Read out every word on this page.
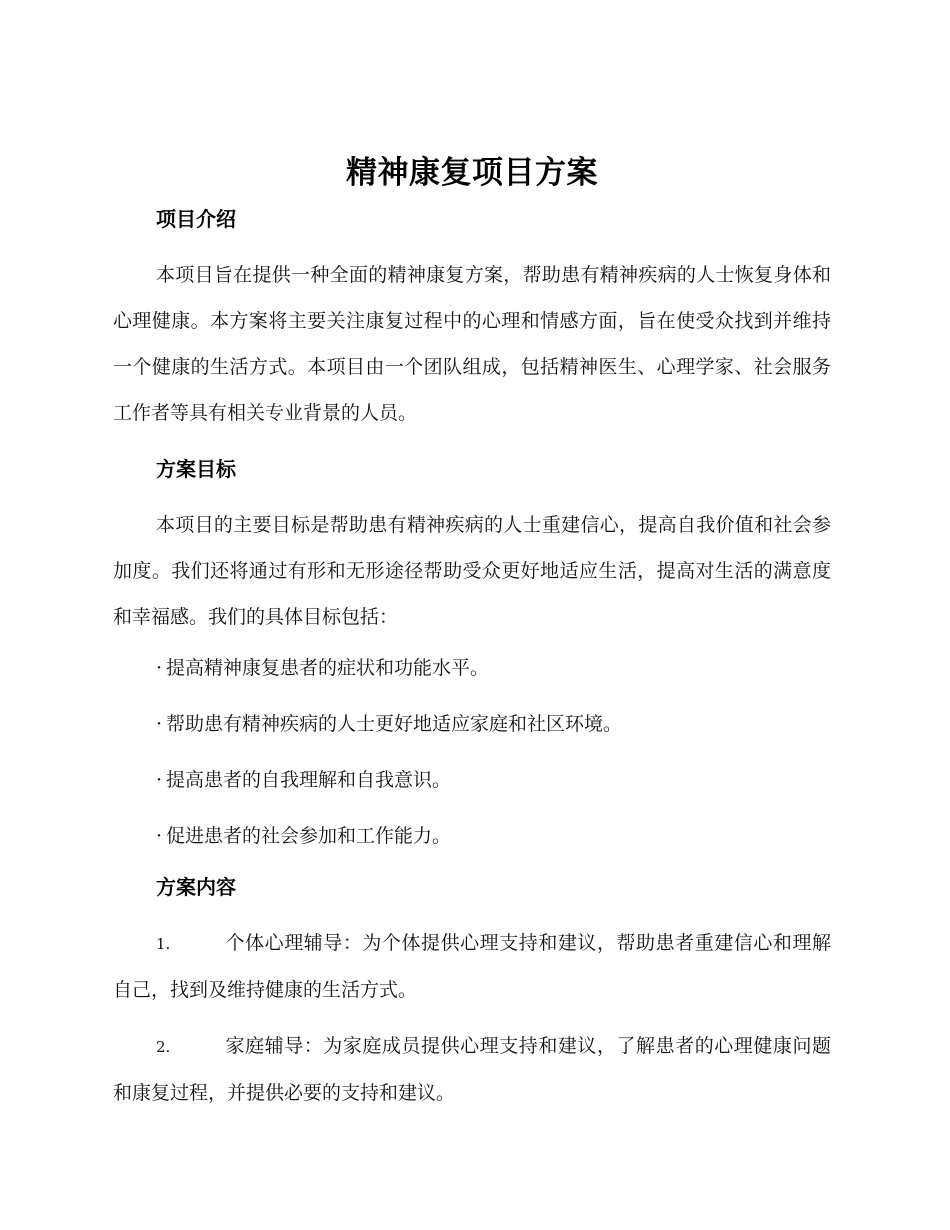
精神康复项目方案
项目介绍

本项目旨在提供一种全面的精神康复方案，帮助患有精神疾病的人士恢复身体和心理健康。本方案将主要关注康复过程中的心理和情感方面，旨在使受众找到并维持一个健康的生活方式。本项目由一个团队组成，包括精神医生、心理学家、社会服务工作者等具有相关专业背景的人员。

方案目标

本项目的主要目标是帮助患有精神疾病的人士重建信心，提高自我价值和社会参加度。我们还将通过有形和无形途径帮助受众更好地适应生活，提高对生活的满意度和幸福感。我们的具体目标包括：

· 提高精神康复患者的症状和功能水平。

· 帮助患有精神疾病的人士更好地适应家庭和社区环境。

· 提高患者的自我理解和自我意识。

· 促进患者的社会参加和工作能力。

方案内容

1.	个体心理辅导：为个体提供心理支持和建议，帮助患者重建信心和理解自己，找到及维持健康的生活方式。

2.	家庭辅导：为家庭成员提供心理支持和建议，了解患者的心理健康问题和康复过程，并提供必要的支持和建议。
